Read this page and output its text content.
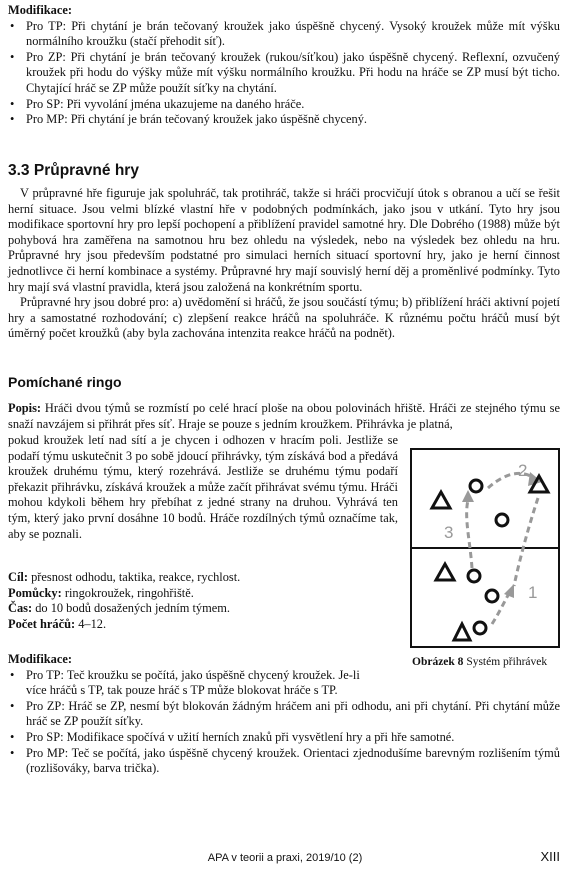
Modifikace:
• Pro TP: Při chytání je brán tečovaný kroužek jako úspěšně chycený. Vysoký kroužek může mít výšku normálního kroužku (stačí přehodit síť).
• Pro ZP: Při chytání je brán tečovaný kroužek (rukou/síťkou) jako úspěšně chycený. Reflexní, ozvučený kroužek při hodu do výšky může mít výšku normálního kroužku. Při hodu na hráče se ZP musí být ticho. Chytající hráč se ZP může použít síťky na chytání.
• Pro SP: Při vyvolání jména ukazujeme na daného hráče.
• Pro MP: Při chytání je brán tečovaný kroužek jako úspěšně chycený.
3.3 Průpravné hry

V průpravné hře figuruje jak spoluhráč, tak protihráč, takže si hráči procvičují útok s obranou a učí se řešit herní situace. Jsou velmi blízké vlastní hře v podobných podmínkách, jako jsou v utkání. Tyto hry jsou modifikace sportovní hry pro lepší pochopení a přiblížení pravidel samotné hry. Dle Dobrého (1988) může být pohybová hra zaměřena na samotnou hru bez ohledu na výsledek, nebo na výsledek bez ohledu na hru. Průpravné hry jsou především podstatné pro simulaci herních situací sportovní hry, jako je herní činnost jednotlivce či herní kombinace a systémy. Průpravné hry mají souvislý herní děj a proměnlivé podmínky. Tyto hry mají svá vlastní pravidla, která jsou založená na konkrétním sportu.

Průpravné hry jsou dobré pro: a) uvědomění si hráčů, že jsou součástí týmu; b) přiblížení hráči aktivní pojetí hry a samostatné rozhodování; c) zlepšení reakce hráčů na spoluhráče. K různému počtu hráčů musí být úměrný počet kroužků (aby byla zachována intenzita reakce hráčů na podnět).

Pomíchané ringo

Popis: Hráči dvou týmů se rozmístí po celé hrací ploše na obou polovinách hřiště. Hráči ze stejného týmu se snaží navzájem si přihrát přes síť. Hraje se pouze s jedním kroužkem. Přihrávka je platná,

pokud kroužek letí nad sítí a je chycen i odhozen v hracím poli. Jestliže se podaří týmu uskutečnit 3 po sobě jdoucí přihrávky, tým získává bod a předává kroužek druhému týmu, který rozehrává. Jestliže se druhému týmu podaří překazit přihrávku, získává kroužek a může začít přihrávat svému týmu. Hráči mohou kdykoli během hry přebíhat z jedné strany na druhou. Vyhrává ten tým, který jako první dosáhne 10 bodů. Hráče rozdílných týmů označíme tak, aby se poznali.

Cíl: přesnost odhodu, taktika, reakce, rychlost.
Pomůcky: ringokroužek, ringohřiště.
Čas: do 10 bodů dosažených jedním týmem.
Počet hráčů: 4–12.
Modifikace:
• Pro TP: Teč kroužku se počítá, jako úspěšně chycený kroužek. Je-li
více hráčů s TP, tak pouze hráč s TP může blokovat hráče s TP.
• Pro ZP: Hráč se ZP, nesmí být blokován žádným hráčem ani při odhodu, ani při chytání. Při chytání může hráč se ZP použít síťky.
• Pro SP: Modifikace spočívá v užití herních znaků při vysvětlení hry a při hře samotné.
• Pro MP: Teč se počítá, jako úspěšně chycený kroužek. Orientaci zjednodušíme barevným rozlišením týmů (rozlišováky, barva trička).
2
3
1
Obrázek 8 Systém přihrávek
APA v teorii a praxi, 2019/10 (2)	XIII
